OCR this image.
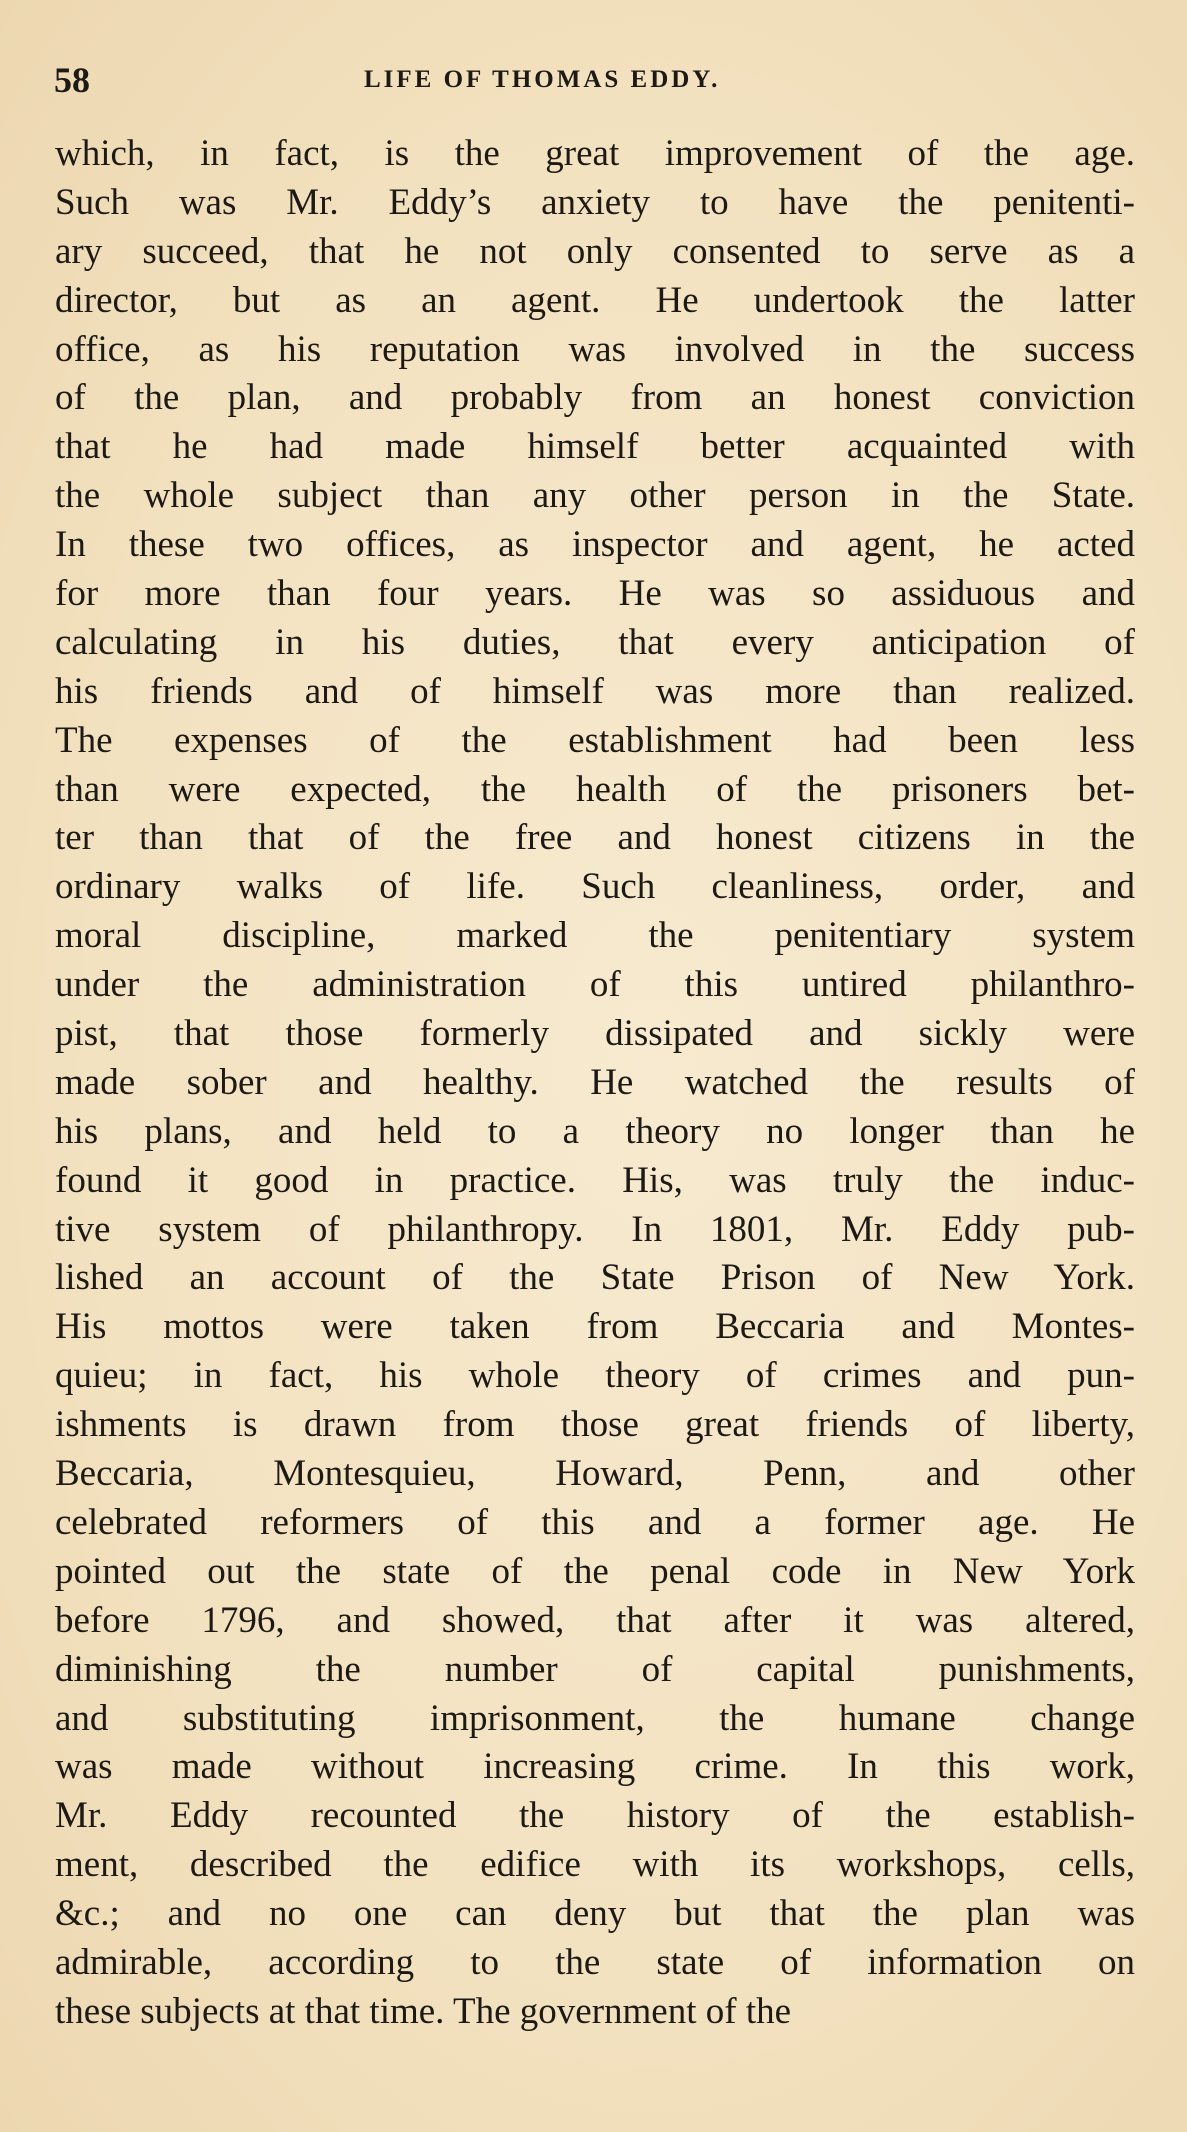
58	LIFE OF THOMAS EDDY.
which, in fact, is the great improvement of the age.
Such was Mr. Eddy’s anxiety to have the penitenti-
ary succeed, that he not only consented to serve as a
director, but as an agent. He undertook the latter
office, as his reputation was involved in the success
of the plan, and probably from an honest conviction
that he had made himself better acquainted with
the whole subject than any other person in the State.
In these two offices, as inspector and agent, he acted
for more than four years. He was so assiduous and
calculating in his duties, that every anticipation of
his friends and of himself was more than realized.
The expenses of the establishment had been less
than were expected, the health of the prisoners bet-
ter than that of the free and honest citizens in the
ordinary walks of life. Such cleanliness, order, and
moral discipline, marked the penitentiary system
under the administration of this untired philanthro-
pist, that those formerly dissipated and sickly were
made sober and healthy. He watched the results of
his plans, and held to a theory no longer than he
found it good in practice. His, was truly the induc-
tive system of philanthropy. In 1801, Mr. Eddy pub-
lished an account of the State Prison of New York.
His mottos were taken from Beccaria and Montes-
quieu; in fact, his whole theory of crimes and pun-
ishments is drawn from those great friends of liberty,
Beccaria, Montesquieu, Howard, Penn, and other
celebrated reformers of this and a former age. He
pointed out the state of the penal code in New York
before 1796, and showed, that after it was altered,
diminishing the number of capital punishments,
and substituting imprisonment, the humane change
was made without increasing crime. In this work,
Mr. Eddy recounted the history of the establish-
ment, described the edifice with its workshops, cells,
&c.; and no one can deny but that the plan was
admirable, according to the state of information on
these subjects at that time. The government of the
